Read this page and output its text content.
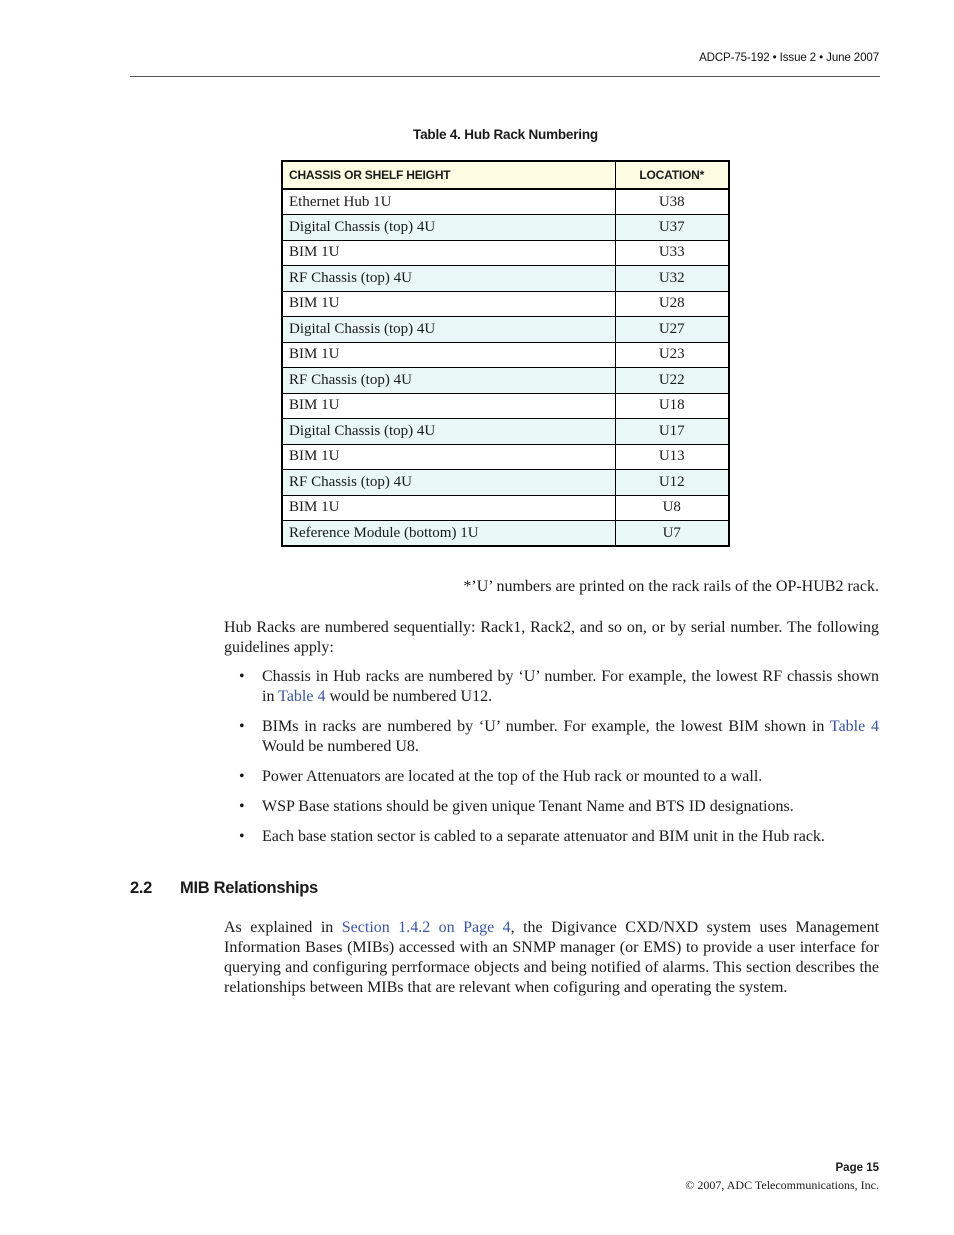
ADCP-75-192 • Issue 2 • June 2007
Table 4. Hub Rack Numbering
CHASSIS OR SHELF HEIGHT	LOCATION*
Ethernet Hub 1U	U38
Digital Chassis (top) 4U	U37
BIM 1U	U33
RF Chassis (top) 4U	U32
BIM 1U	U28
Digital Chassis (top) 4U	U27
BIM 1U	U23
RF Chassis (top) 4U	U22
BIM 1U	U18
Digital Chassis (top) 4U	U17
BIM 1U	U13
RF Chassis (top) 4U	U12
BIM 1U	U8
Reference Module (bottom) 1U	U7
*’U’ numbers are printed on the rack rails of the OP-HUB2 rack.
Hub Racks are numbered sequentially: Rack1, Rack2, and so on, or by serial number. The following guidelines apply:
• Chassis in Hub racks are numbered by ‘U’ number. For example, the lowest RF chassis shown in Table 4 would be numbered U12.
• BIMs in racks are numbered by ‘U’ number. For example, the lowest BIM shown in Table 4 Would be numbered U8.
• Power Attenuators are located at the top of the Hub rack or mounted to a wall.
• WSP Base stations should be given unique Tenant Name and BTS ID designations.
• Each base station sector is cabled to a separate attenuator and BIM unit in the Hub rack.
2.2 MIB Relationships
As explained in Section 1.4.2 on Page 4, the Digivance CXD/NXD system uses Management Information Bases (MIBs) accessed with an SNMP manager (or EMS) to provide a user interface for querying and configuring perrformace objects and being notified of alarms. This section describes the relationships between MIBs that are relevant when cofiguring and operating the system.
Page 15
© 2007, ADC Telecommunications, Inc.
